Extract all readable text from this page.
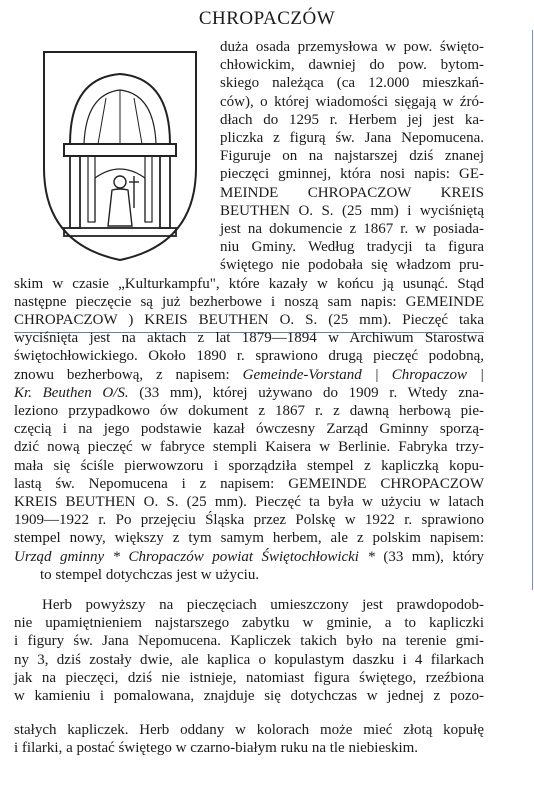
CHROPACZÓW
duża osada przemysłowa w pow. święto-
chłowickim, dawniej do pow. bytom-
skiego należąca (ca 12.000 mieszkań-
ców), o której wiadomości sięgają w źró-
dłach do 1295 r. Herbem jej jest ka-
pliczka z figurą św. Jana Nepomucena.
Figuruje on na najstarszej dziś znanej
pieczęci gminnej, która nosi napis: GE-
MEINDE CHROPACZOW KREIS
BEUTHEN O. S. (25 mm) i wyciśniętą
jest na dokumencie z 1867 r. w posiada-
niu Gminy. Według tradycji ta figura
świętego nie podobała się władzom pru-
skim w czasie „Kulturkampfu", które kazały w końcu ją usunąć. Stąd
następne pieczęcie są już bezherbowe i noszą sam napis: GEMEINDE
CHROPACZOW ) KREIS BEUTHEN O. S. (25 mm). Pieczęć taka
wyciśnięta jest na aktach z lat 1879—1894 w Archiwum Starostwa
świętochłowickiego. Około 1890 r. sprawiono drugą pieczęć podobną,
znowu bezherbową, z napisem: Gemeinde-Vorstand | Chropaczow |
Kr. Beuthen O/S. (33 mm), której używano do 1909 r. Wtedy zna-
leziono przypadkowo ów dokument z 1867 r. z dawną herbową pie-
częcią i na jego podstawie kazał ówczesny Zarząd Gminny sporzą-
dzić nową pieczęć w fabryce stempli Kaisera w Berlinie. Fabryka trzy-
mała się ściśle pierwowzoru i sporządziła stempel z kapliczką kopu-
lastą św. Nepomucena i z napisem: GEMEINDE CHROPACZOW
KREIS BEUTHEN O. S. (25 mm). Pieczęć ta była w użyciu w latach
1909—1922 r. Po przejęciu Śląska przez Polskę w 1922 r. sprawiono
stempel nowy, większy z tym samym herbem, ale z polskim napisem:
Urząd gminny * Chropaczów powiat Świętochłowicki * (33 mm), który
to stempel dotychczas jest w użyciu.
Herb powyższy na pieczęciach umieszczony jest prawdopodob-
nie upamiętnieniem najstarszego zabytku w gminie, a to kapliczki
i figury św. Jana Nepomucena. Kapliczek takich było na terenie gmi-
ny 3, dziś zostały dwie, ale kaplica o kopulastym daszku i 4 filarkach
jak na pieczęci, dziś nie istnieje, natomiast figura świętego, rzeźbiona
w kamieniu i pomalowana, znajduje się dotychczas w jednej z pozo-
stałych kapliczek. Herb oddany w kolorach może mieć złotą kopułę
i filarki, a postać świętego w czarno-białym ruku na tle niebieskim.
